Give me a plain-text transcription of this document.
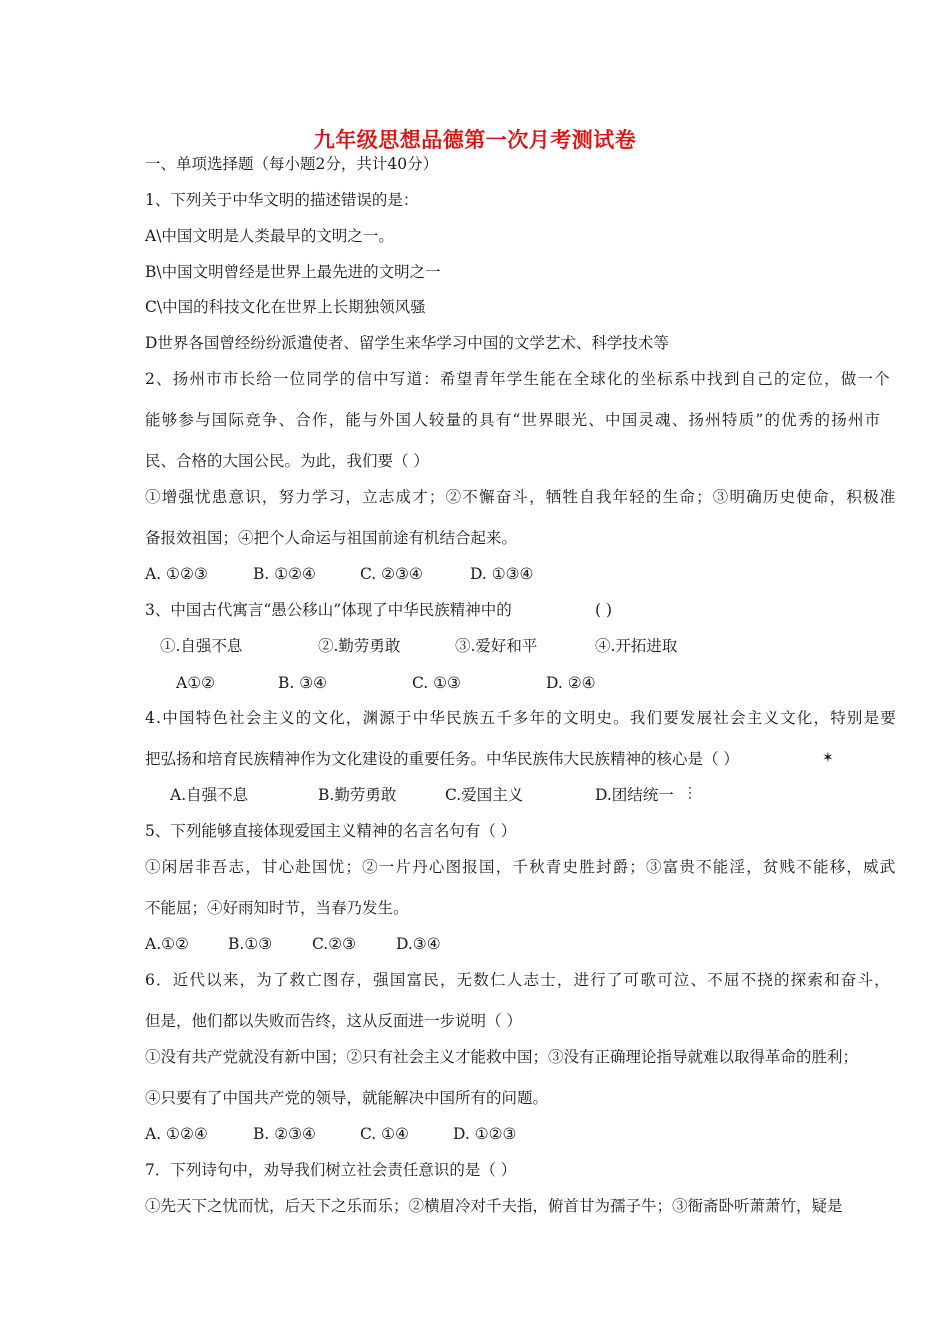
九年级思想品德第一次月考测试卷
一、单项选择题（每小题2分，共计40分）
1、下列关于中华文明的描述错误的是：
A\中国文明是人类最早的文明之一。
B\中国文明曾经是世界上最先进的文明之一
C\中国的科技文化在世界上长期独领风骚
D世界各国曾经纷纷派遣使者、留学生来华学习中国的文学艺术、科学技术等
2、扬州市市长给一位同学的信中写道：希望青年学生能在全球化的坐标系中找到自己的定位，做一个
能够参与国际竞争、合作，能与外国人较量的具有“世界眼光、中国灵魂、扬州特质”的优秀的扬州市
民、合格的大国公民。为此，我们要（ ）
①增强忧患意识，努力学习，立志成才；②不懈奋斗，牺牲自我年轻的生命；③明确历史使命，积极准
备报效祖国；④把个人命运与祖国前途有机结合起来。
A. ①②③	B. ①②④	C. ②③④	D. ①③④
3、中国古代寓言“愚公移山”体现了中华民族精神中的	( )
①.自强不息	②.勤劳勇敢	③.爱好和平	④.开拓进取
A①②	B. ③④	C. ①③	D. ②④
4.中国特色社会主义的文化，渊源于中华民族五千多年的文明史。我们要发展社会主义文化，特别是要
把弘扬和培育民族精神作为文化建设的重要任务。中华民族伟大民族精神的核心是（ ）	✶
A.自强不息	B.勤劳勇敢	C.爱国主义	D.团结统一 ⋮
5、下列能够直接体现爱国主义精神的名言名句有（ ）
①闲居非吾志，甘心赴国忧；②一片丹心图报国，千秋青史胜封爵；③富贵不能淫，贫贱不能移，威武
不能屈；④好雨知时节，当春乃发生。
A.①②	B.①③	C.②③	D.③④
6．近代以来，为了救亡图存，强国富民，无数仁人志士，进行了可歌可泣、不屈不挠的探索和奋斗，
但是，他们都以失败而告终，这从反面进一步说明（ ）
①没有共产党就没有新中国；②只有社会主义才能救中国；③没有正确理论指导就难以取得革命的胜利；
④只要有了中国共产党的领导，就能解决中国所有的问题。
A. ①②④	B. ②③④	C. ①④	D. ①②③
7．下列诗句中，劝导我们树立社会责任意识的是（ ）
①先天下之忧而忧，后天下之乐而乐；②横眉冷对千夫指，俯首甘为孺子牛；③衙斋卧听萧萧竹，疑是
